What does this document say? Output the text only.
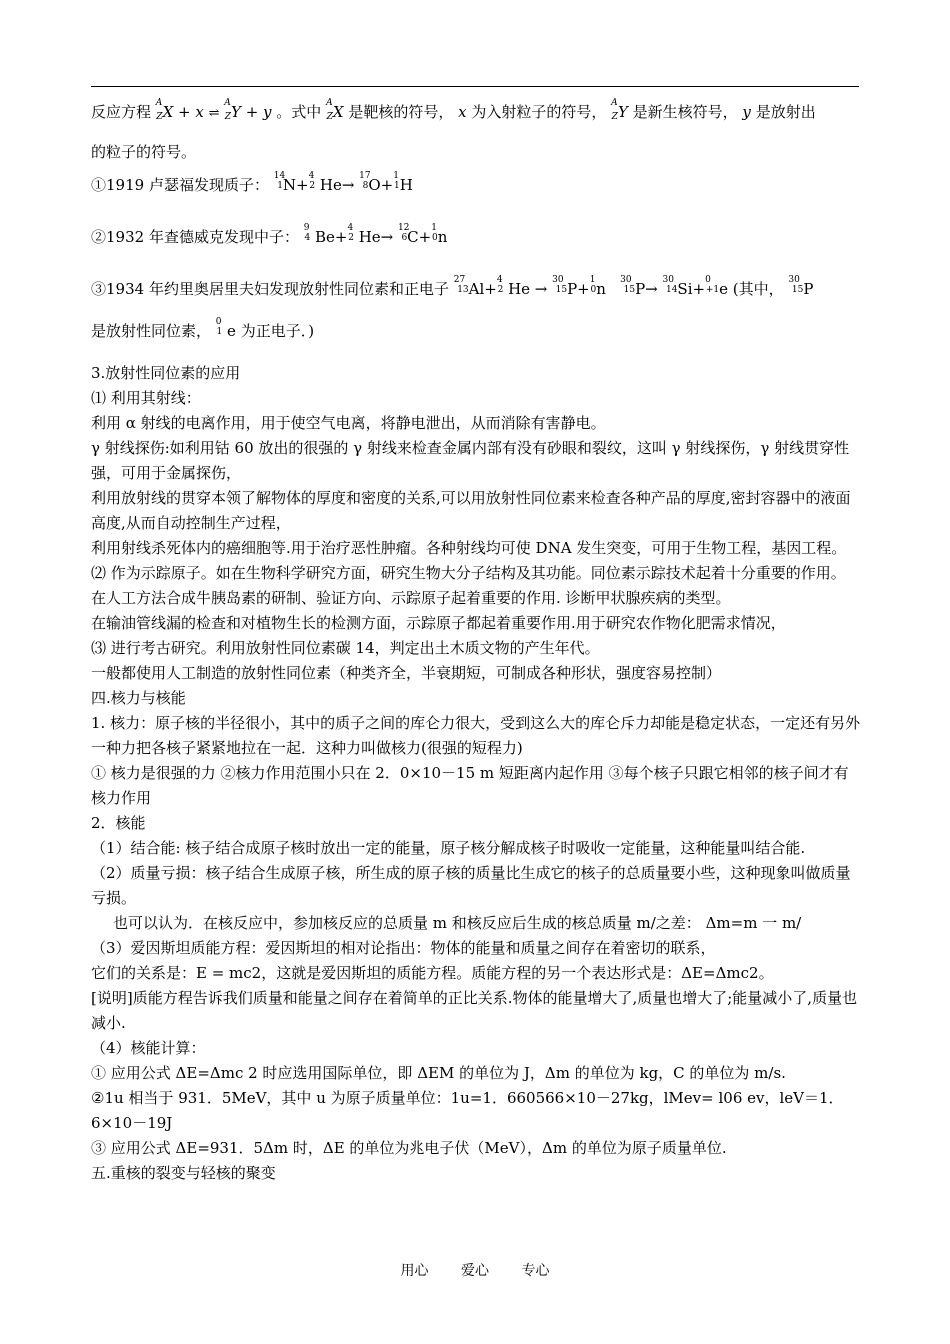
反应方程 $^A$ZX + x ⇌ $^A$ZY + y 。式中 $^A$ZX 是靶核的符号， x 为入射粒子的符号， $^A$ZY 是新生核符号， y 是放射出
的粒子的符号。
①1919 卢瑟福发现质子： $^{14}$1N+$^4$2 He→ $^{17}$8O+$^1$1H
②1932 年查德威克发现中子： $^9$4 Be+$^4$2 He→ $^{12}$6C+$^1$0n
③1934 年约里奥居里夫妇发现放射性同位素和正电子 $^{27}$13Al+$^4$2 He → $^{30}$15P+$^1$0n   $^{30}$15P→ $^{30}$14Si+$^0$+1e (其中， $^{30}$15P
是放射性同位素， $^0$1 e 为正电子．)
3.放射性同位素的应用
⑴ 利用其射线：
利用 α 射线的电离作用，用于使空气电离，将静电泄出，从而消除有害静电。
γ 射线探伤:如利用钴 60 放出的很强的 γ 射线来检查金属内部有没有砂眼和裂纹，这叫 γ 射线探伤，γ 射线贯穿性强，可用于金属探伤，
利用放射线的贯穿本领了解物体的厚度和密度的关系,可以用放射性同位素来检查各种产品的厚度,密封容器中的液面高度,从而自动控制生产过程，
利用射线杀死体内的癌细胞等.用于治疗恶性肿瘤。各种射线均可使 DNA 发生突变，可用于生物工程，基因工程。
⑵ 作为示踪原子。如在生物科学研究方面，研究生物大分子结构及其功能。同位素示踪技术起着十分重要的作用。
在人工方法合成牛胰岛素的研制、验证方向、示踪原子起着重要的作用. 诊断甲状腺疾病的类型。
在输油管线漏的检查和对植物生长的检测方面，示踪原子都起着重要作用.用于研究农作物化肥需求情况，
⑶ 进行考古研究。利用放射性同位素碳 14，判定出土木质文物的产生年代。
一般都使用人工制造的放射性同位素（种类齐全，半衰期短，可制成各种形状，强度容易控制）
四.核力与核能
1. 核力：原子核的半径很小，其中的质子之间的库仑力很大，受到这么大的库仑斥力却能是稳定状态，一定还有另外一种力把各核子紧紧地拉在一起．这种力叫做核力(很强的短程力)
① 核力是很强的力 ②核力作用范围小只在 2．0×10－15 m 短距离内起作用 ③每个核子只跟它相邻的核子间才有核力作用
2．核能
（1）结合能: 核子结合成原子核时放出一定的能量，原子核分解成核子时吸收一定能量，这种能量叫结合能.
（2）质量亏损：核子结合生成原子核，所生成的原子核的质量比生成它的核子的总质量要小些，这种现象叫做质量亏损。
也可以认为．在核反应中，参加核反应的总质量 m 和核反应后生成的核总质量 m/之差： Δm=m 一 m/
（3）爱因斯坦质能方程：爱因斯坦的相对论指出：物体的能量和质量之间存在着密切的联系，
它们的关系是：E = mc2，这就是爱因斯坦的质能方程。质能方程的另一个表达形式是：ΔE=Δmc2。
[说明]质能方程告诉我们质量和能量之间存在着简单的正比关系.物体的能量增大了,质量也增大了;能量减小了,质量也减小.
（4）核能计算：
① 应用公式 ΔE=Δmc 2 时应选用国际单位，即 ΔEM 的单位为 J，Δm 的单位为 kg，C 的单位为 m/s.
②1u 相当于 931．5MeV，其中 u 为原子质量单位：1u=1．660566×10－27kg，lMev= l06 ev，leV＝1．6×10－19J
③ 应用公式 ΔE=931．5Δm 时，ΔE 的单位为兆电子伏（MeV），Δm 的单位为原子质量单位.
五.重核的裂变与轻核的聚变
用心 爱心 专心
